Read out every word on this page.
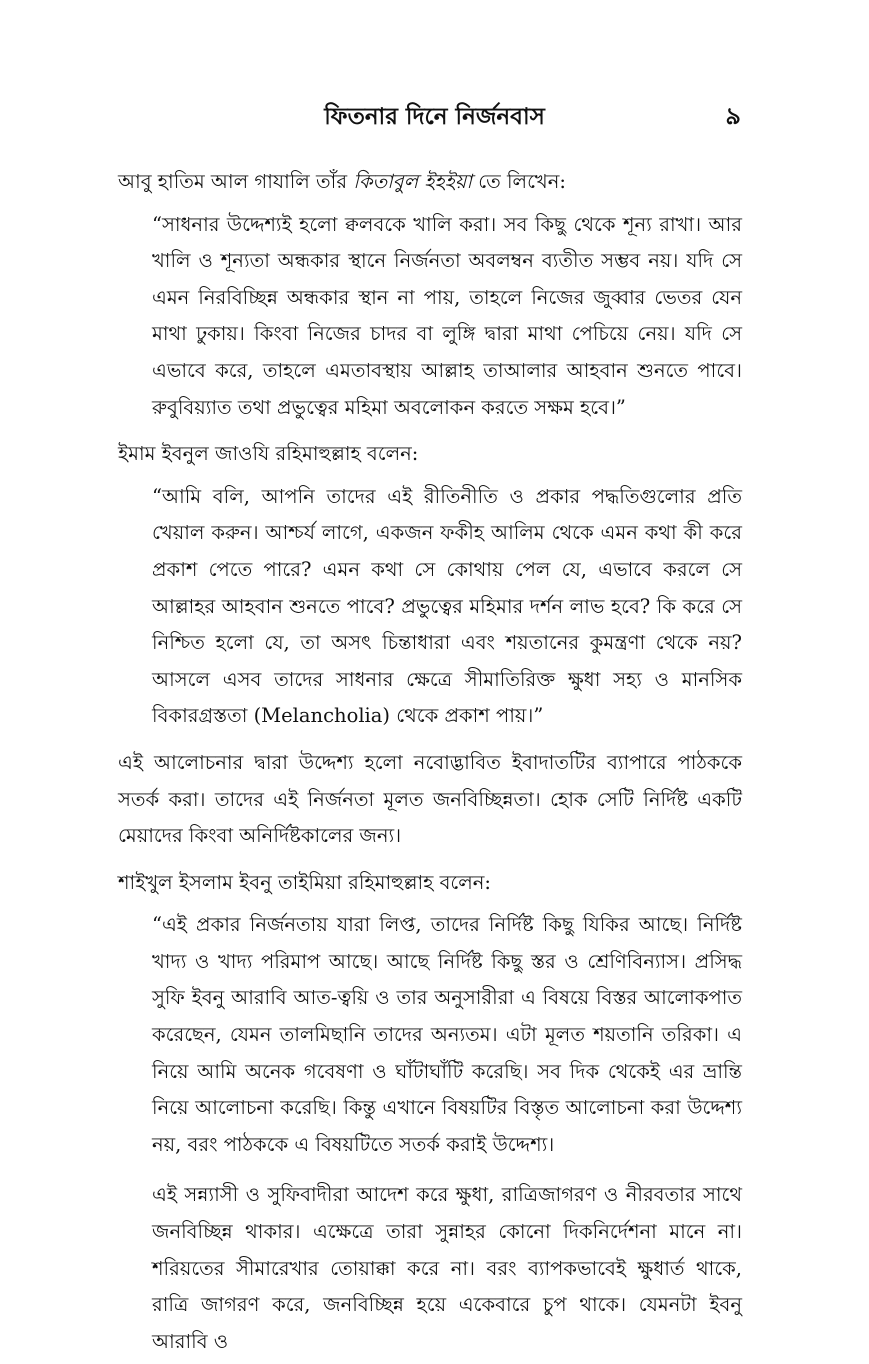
ফিতনার দিনে নির্জনবাস	৯

আবু হাতিম আল গাযালি তাঁর কিতাবুল ইহইয়া তে লিখেন:

“সাধনার উদ্দেশ্যই হলো ক্বলবকে খালি করা। সব কিছু থেকে শূন্য রাখা। আর খালি ও শূন্যতা অন্ধকার স্থানে নির্জনতা অবলম্বন ব্যতীত সম্ভব নয়। যদি সে এমন নিরবিচ্ছিন্ন অন্ধকার স্থান না পায়, তাহলে নিজের জুব্বার ভেতর যেন মাথা ঢুকায়। কিংবা নিজের চাদর বা লুঙ্গি দ্বারা মাথা পেচিয়ে নেয়। যদি সে এভাবে করে, তাহলে এমতাবস্থায় আল্লাহ তাআলার আহবান শুনতে পাবে। রুবুবিয়্যাত তথা প্রভুত্বের মহিমা অবলোকন করতে সক্ষম হবে।”

ইমাম ইবনুল জাওযি রহিমাহুল্লাহ বলেন:

“আমি বলি, আপনি তাদের এই রীতিনীতি ও প্রকার পদ্ধতিগুলোর প্রতি খেয়াল করুন। আশ্চর্য লাগে, একজন ফকীহ আলিম থেকে এমন কথা কী করে প্রকাশ পেতে পারে? এমন কথা সে কোথায় পেল যে, এভাবে করলে সে আল্লাহর আহবান শুনতে পাবে? প্রভুত্বের মহিমার দর্শন লাভ হবে? কি করে সে নিশ্চিত হলো যে, তা অসৎ চিন্তাধারা এবং শয়তানের কুমন্ত্রণা থেকে নয়? আসলে এসব তাদের সাধনার ক্ষেত্রে সীমাতিরিক্ত ক্ষুধা সহ্য ও মানসিক বিকারগ্রস্ততা (Melancholia) থেকে প্রকাশ পায়।”

এই আলোচনার দ্বারা উদ্দেশ্য হলো নবোদ্ভাবিত ইবাদাতটির ব্যাপারে পাঠককে সতর্ক করা। তাদের এই নির্জনতা মূলত জনবিচ্ছিন্নতা। হোক সেটি নির্দিষ্ট একটি মেয়াদের কিংবা অনির্দিষ্টকালের জন্য।

শাইখুল ইসলাম ইবনু তাইমিয়া রহিমাহুল্লাহ বলেন:

“এই প্রকার নির্জনতায় যারা লিপ্ত, তাদের নির্দিষ্ট কিছু যিকির আছে। নির্দিষ্ট খাদ্য ও খাদ্য পরিমাপ আছে। আছে নির্দিষ্ট কিছু স্তর ও শ্রেণিবিন্যাস। প্রসিদ্ধ সুফি ইবনু আরাবি আত-ত্বয়ি ও তার অনুসারীরা এ বিষয়ে বিস্তর আলোকপাত করেছেন, যেমন তালমিছানি তাদের অন্যতম। এটা মূলত শয়তানি তরিকা। এ নিয়ে আমি অনেক গবেষণা ও ঘাঁটাঘাঁটি করেছি। সব দিক থেকেই এর ভ্রান্তি নিয়ে আলোচনা করেছি। কিন্তু এখানে বিষয়টির বিস্তৃত আলোচনা করা উদ্দেশ্য নয়, বরং পাঠককে এ বিষয়টিতে সতর্ক করাই উদ্দেশ্য।

এই সন্ন্যাসী ও সুফিবাদীরা আদেশ করে ক্ষুধা, রাত্রিজাগরণ ও নীরবতার সাথে জনবিচ্ছিন্ন থাকার। এক্ষেত্রে তারা সুন্নাহর কোনো দিকনির্দেশনা মানে না। শরিয়তের সীমারেখার তোয়াক্কা করে না। বরং ব্যাপকভাবেই ক্ষুধার্ত থাকে, রাত্রি জাগরণ করে, জনবিচ্ছিন্ন হয়ে একেবারে চুপ থাকে। যেমনটা ইবনু আরাবি ও
